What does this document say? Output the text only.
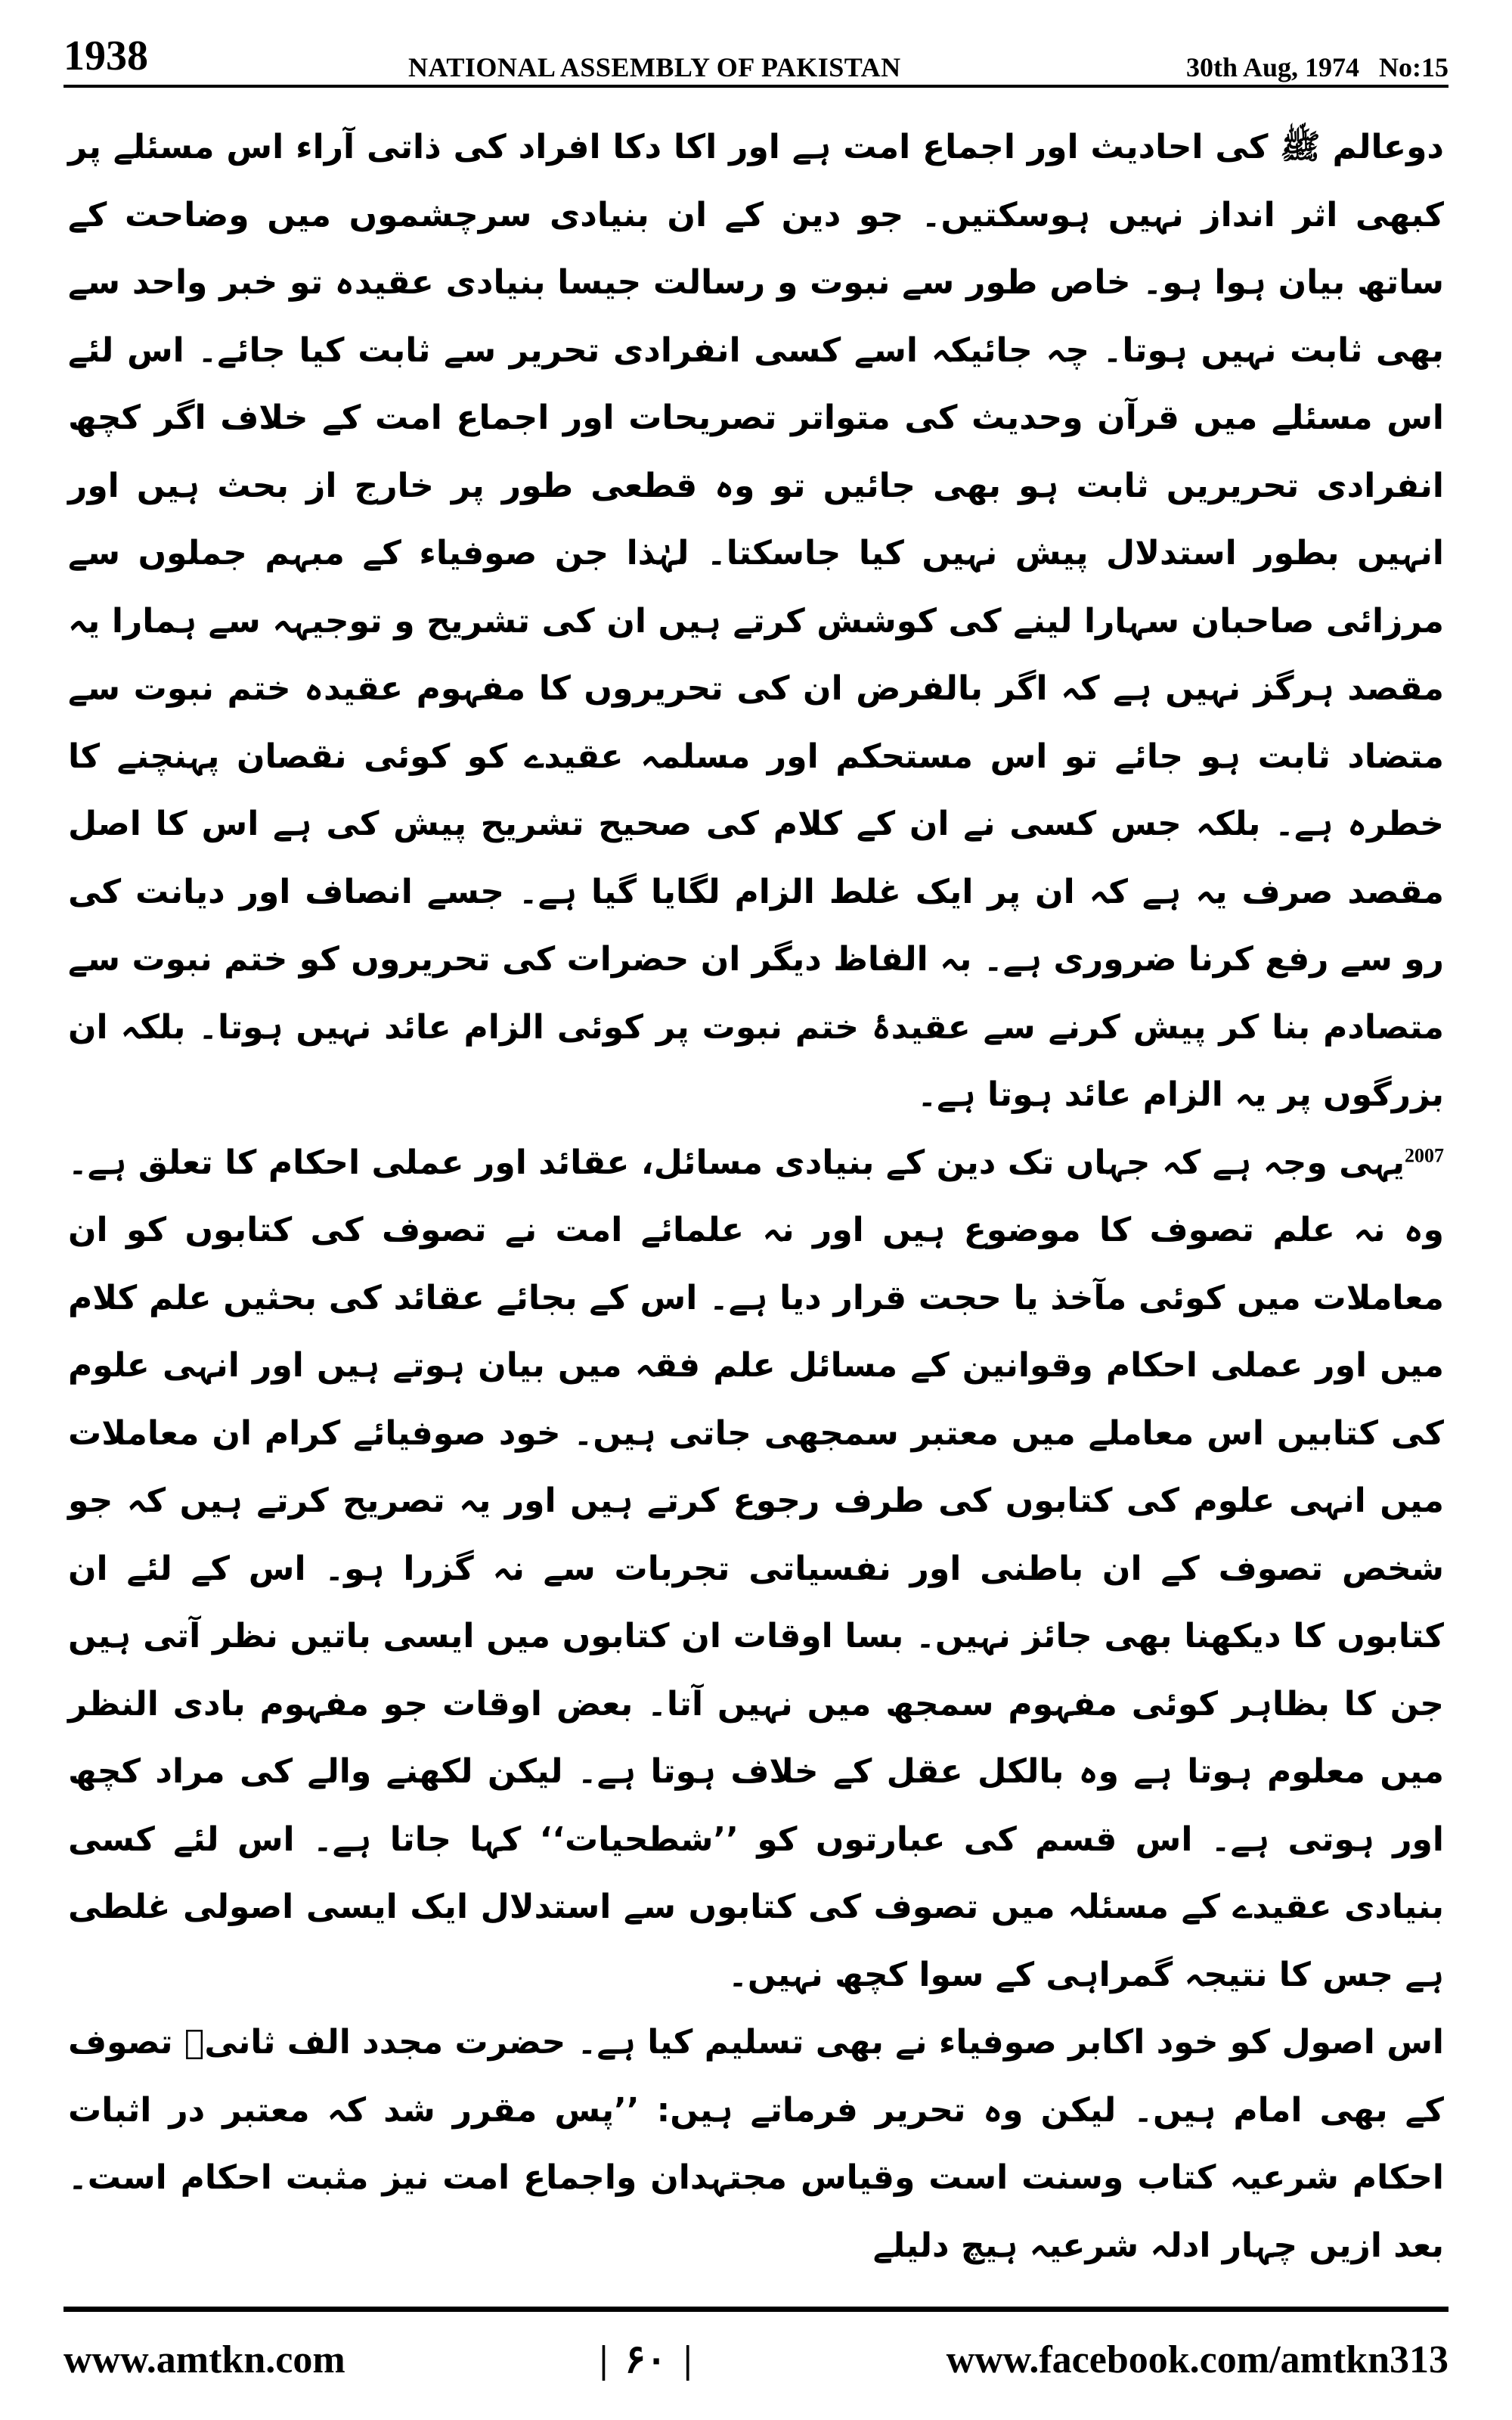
1938	NATIONAL ASSEMBLY OF PAKISTAN	30th Aug, 1974 No:15

دوعالم ﷺ کی احادیث اور اجماع امت ہے اور اکا دکا افراد کی ذاتی آراء اس مسئلے پر کبھی اثر انداز نہیں ہوسکتیں۔ جو دین کے ان بنیادی سرچشموں میں وضاحت کے ساتھ بیان ہوا ہو۔ خاص طور سے نبوت و رسالت جیسا بنیادی عقیدہ تو خبر واحد سے بھی ثابت نہیں ہوتا۔ چہ جائیکہ اسے کسی انفرادی تحریر سے ثابت کیا جائے۔ اس لئے اس مسئلے میں قرآن وحدیث کی متواتر تصریحات اور اجماع امت کے خلاف اگر کچھ انفرادی تحریریں ثابت ہو بھی جائیں تو وہ قطعی طور پر خارج از بحث ہیں اور انہیں بطور استدلال پیش نہیں کیا جاسکتا۔ لہٰذا جن صوفیاء کے مبہم جملوں سے مرزائی صاحبان سہارا لینے کی کوشش کرتے ہیں ان کی تشریح و توجیہہ سے ہمارا یہ مقصد ہرگز نہیں ہے کہ اگر بالفرض ان کی تحریروں کا مفہوم عقیدہ ختم نبوت سے متضاد ثابت ہو جائے تو اس مستحکم اور مسلمہ عقیدے کو کوئی نقصان پہنچنے کا خطرہ ہے۔ بلکہ جس کسی نے ان کے کلام کی صحیح تشریح پیش کی ہے اس کا اصل مقصد صرف یہ ہے کہ ان پر ایک غلط الزام لگایا گیا ہے۔ جسے انصاف اور دیانت کی رو سے رفع کرنا ضروری ہے۔ بہ الفاظ دیگر ان حضرات کی تحریروں کو ختم نبوت سے متصادم بنا کر پیش کرنے سے عقیدۂ ختم نبوت پر کوئی الزام عائد نہیں ہوتا۔ بلکہ ان بزرگوں پر یہ الزام عائد ہوتا ہے۔

$^{2007}$یہی وجہ ہے کہ جہاں تک دین کے بنیادی مسائل، عقائد اور عملی احکام کا تعلق ہے۔ وہ نہ علم تصوف کا موضوع ہیں اور نہ علمائے امت نے تصوف کی کتابوں کو ان معاملات میں کوئی مآخذ یا حجت قرار دیا ہے۔ اس کے بجائے عقائد کی بحثیں علم کلام میں اور عملی احکام وقوانین کے مسائل علم فقہ میں بیان ہوتے ہیں اور انہی علوم کی کتابیں اس معاملے میں معتبر سمجھی جاتی ہیں۔ خود صوفیائے کرام ان معاملات میں انہی علوم کی کتابوں کی طرف رجوع کرتے ہیں اور یہ تصریح کرتے ہیں کہ جو شخص تصوف کے ان باطنی اور نفسیاتی تجربات سے نہ گزرا ہو۔ اس کے لئے ان کتابوں کا دیکھنا بھی جائز نہیں۔ بسا اوقات ان کتابوں میں ایسی باتیں نظر آتی ہیں جن کا بظاہر کوئی مفہوم سمجھ میں نہیں آتا۔ بعض اوقات جو مفہوم بادی النظر میں معلوم ہوتا ہے وہ بالکل عقل کے خلاف ہوتا ہے۔ لیکن لکھنے والے کی مراد کچھ اور ہوتی ہے۔ اس قسم کی عبارتوں کو ’’شطحیات‘‘ کہا جاتا ہے۔ اس لئے کسی بنیادی عقیدے کے مسئلہ میں تصوف کی کتابوں سے استدلال ایک ایسی اصولی غلطی ہے جس کا نتیجہ گمراہی کے سوا کچھ نہیں۔

اس اصول کو خود اکابر صوفیاء نے بھی تسلیم کیا ہے۔ حضرت مجدد الف ثانیؒ تصوف کے بھی امام ہیں۔ لیکن وہ تحریر فرماتے ہیں: ’’پس مقرر شد کہ معتبر در اثبات احکام شرعیہ کتاب وسنت است وقیاس مجتہدان واجماع امت نیز مثبت احکام است۔ بعد ازیں چہار ادلہ شرعیہ ہیچ دلیلے

www.amtkn.com	| ۶۰ |	www.facebook.com/amtkn313
